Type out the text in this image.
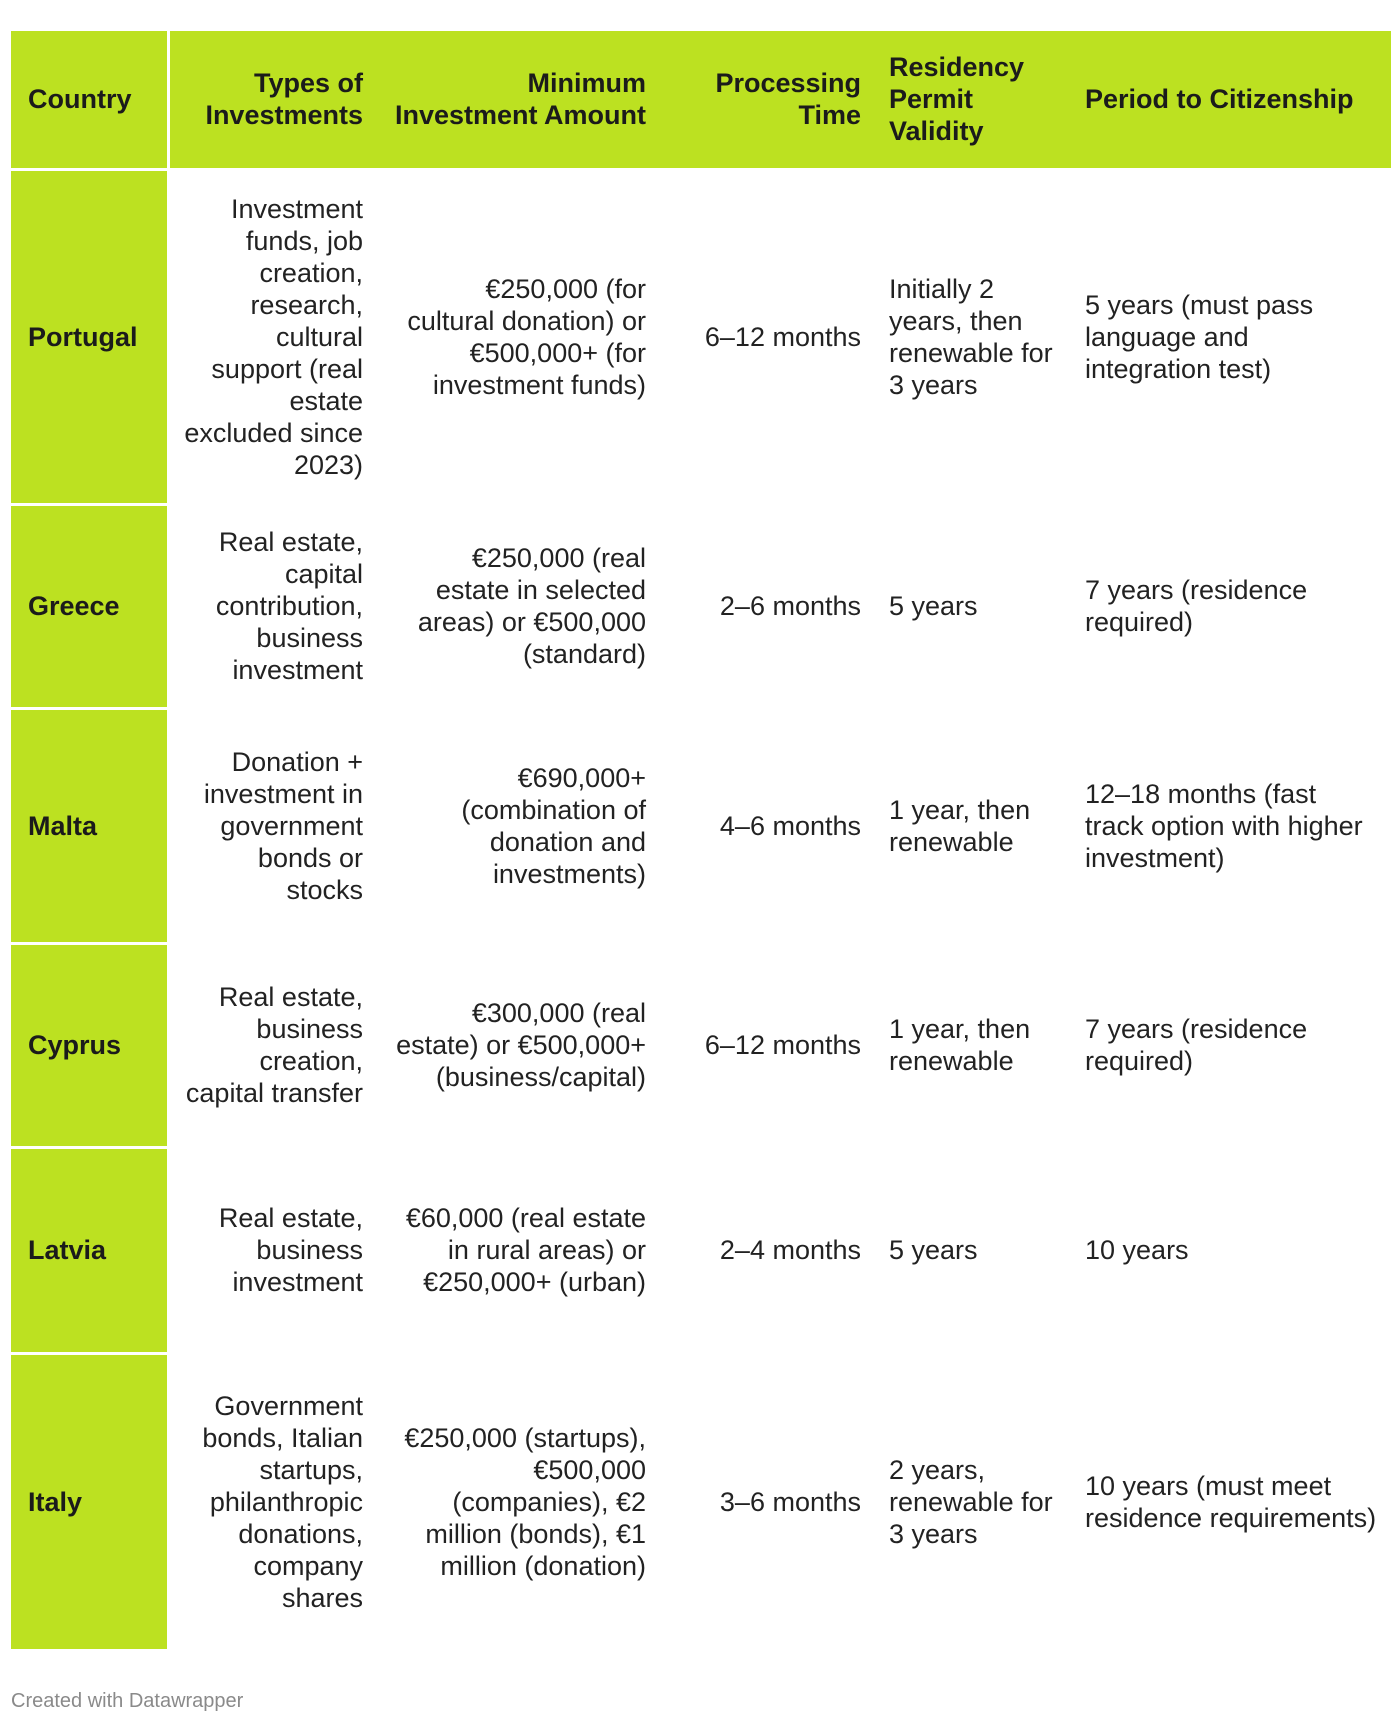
Country	Types of Investments	Minimum Investment Amount	Processing Time	Residency Permit Validity	Period to Citizenship
Portugal	Investment funds, job creation, research, cultural support (real estate excluded since 2023)	€250,000 (for cultural donation) or €500,000+ (for investment funds)	6–12 months	Initially 2 years, then renewable for 3 years	5 years (must pass language and integration test)
Greece	Real estate, capital contribution, business investment	€250,000 (real estate in selected areas) or €500,000 (standard)	2–6 months	5 years	7 years (residence required)
Malta	Donation + investment in government bonds or stocks	€690,000+ (combination of donation and investments)	4–6 months	1 year, then renewable	12–18 months (fast track option with higher investment)
Cyprus	Real estate, business creation, capital transfer	€300,000 (real estate) or €500,000+ (business/capital)	6–12 months	1 year, then renewable	7 years (residence required)
Latvia	Real estate, business investment	€60,000 (real estate in rural areas) or €250,000+ (urban)	2–4 months	5 years	10 years
Italy	Government bonds, Italian startups, philanthropic donations, company shares	€250,000 (startups), €500,000 (companies), €2 million (bonds), €1 million (donation)	3–6 months	2 years, renewable for 3 years	10 years (must meet residence requirements)
Created with Datawrapper
